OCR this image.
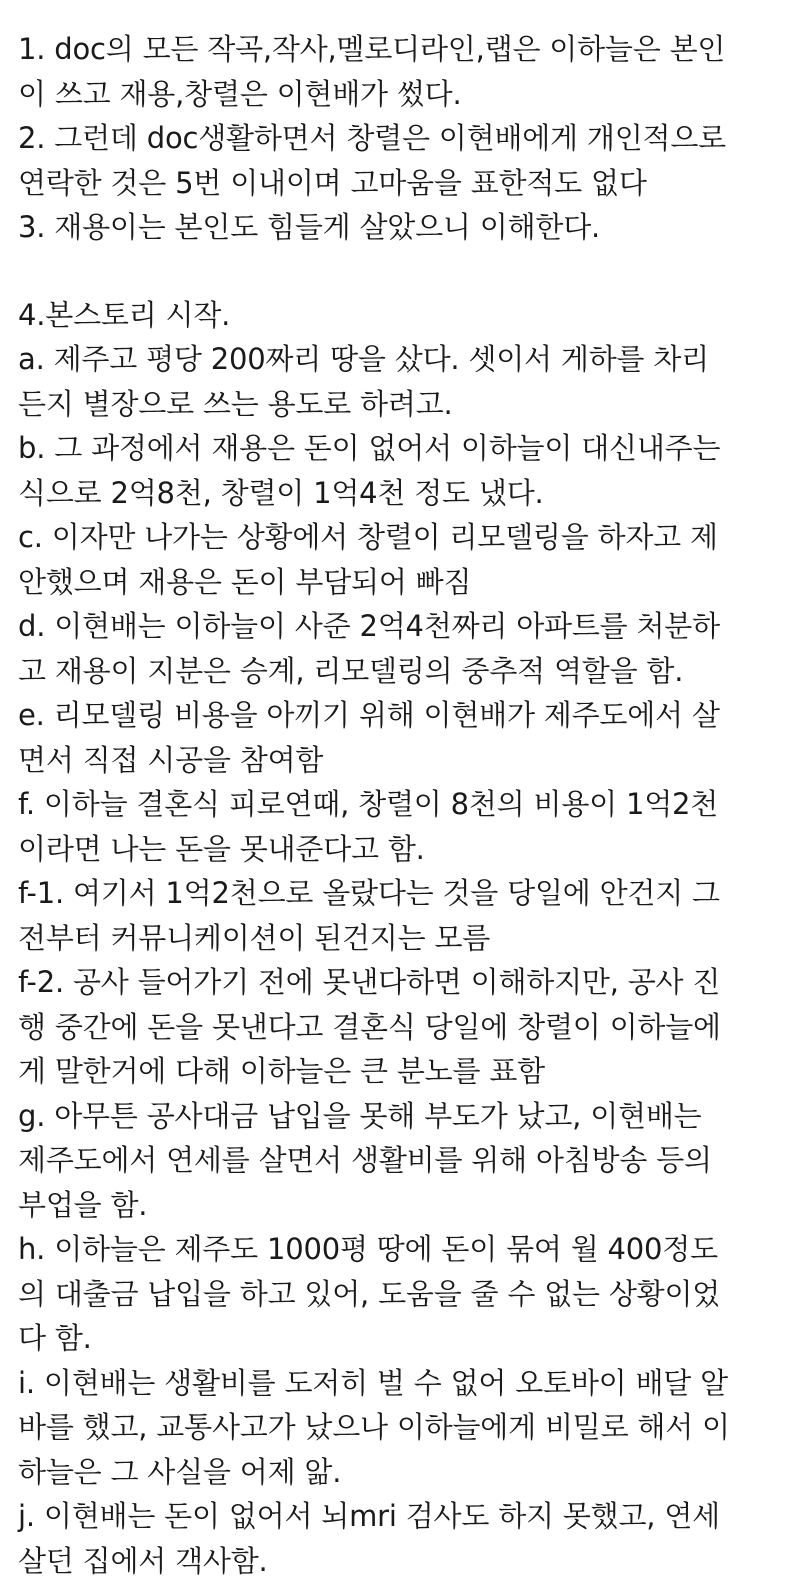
1. doc의 모든 작곡,작사,멜로디라인,랩은 이하늘은 본인
이 쓰고 재용,창렬은 이현배가 썼다.
2. 그런데 doc생활하면서 창렬은 이현배에게 개인적으로
연락한 것은 5번 이내이며 고마움을 표한적도 없다
3. 재용이는 본인도 힘들게 살았으니 이해한다.
4.본스토리 시작.
a. 제주고 평당 200짜리 땅을 샀다. 셋이서 게하를 차리
든지 별장으로 쓰는 용도로 하려고.
b. 그 과정에서 재용은 돈이 없어서 이하늘이 대신내주는
식으로 2억8천, 창렬이 1억4천 정도 냈다.
c. 이자만 나가는 상황에서 창렬이 리모델링을 하자고 제
안했으며 재용은 돈이 부담되어 빠짐
d. 이현배는 이하늘이 사준 2억4천짜리 아파트를 처분하
고 재용이 지분은 승계, 리모델링의 중추적 역할을 함.
e. 리모델링 비용을 아끼기 위해 이현배가 제주도에서 살
면서 직접 시공을 참여함
f. 이하늘 결혼식 피로연때, 창렬이 8천의 비용이 1억2천
이라면 나는 돈을 못내준다고 함.
f-1. 여기서 1억2천으로 올랐다는 것을 당일에 안건지 그
전부터 커뮤니케이션이 된건지는 모름
f-2. 공사 들어가기 전에 못낸다하면 이해하지만, 공사 진
행 중간에 돈을 못낸다고 결혼식 당일에 창렬이 이하늘에
게 말한거에 다해 이하늘은 큰 분노를 표함
g. 아무튼 공사대금 납입을 못해 부도가 났고, 이현배는
제주도에서 연세를 살면서 생활비를 위해 아침방송 등의
부업을 함.
h. 이하늘은 제주도 1000평 땅에 돈이 묶여 월 400정도
의 대출금 납입을 하고 있어, 도움을 줄 수 없는 상황이었
다 함.
i. 이현배는 생활비를 도저히 벌 수 없어 오토바이 배달 알
바를 했고, 교통사고가 났으나 이하늘에게 비밀로 해서 이
하늘은 그 사실을 어제 앎.
j. 이현배는 돈이 없어서 뇌mri 검사도 하지 못했고, 연세
살던 집에서 객사함.
